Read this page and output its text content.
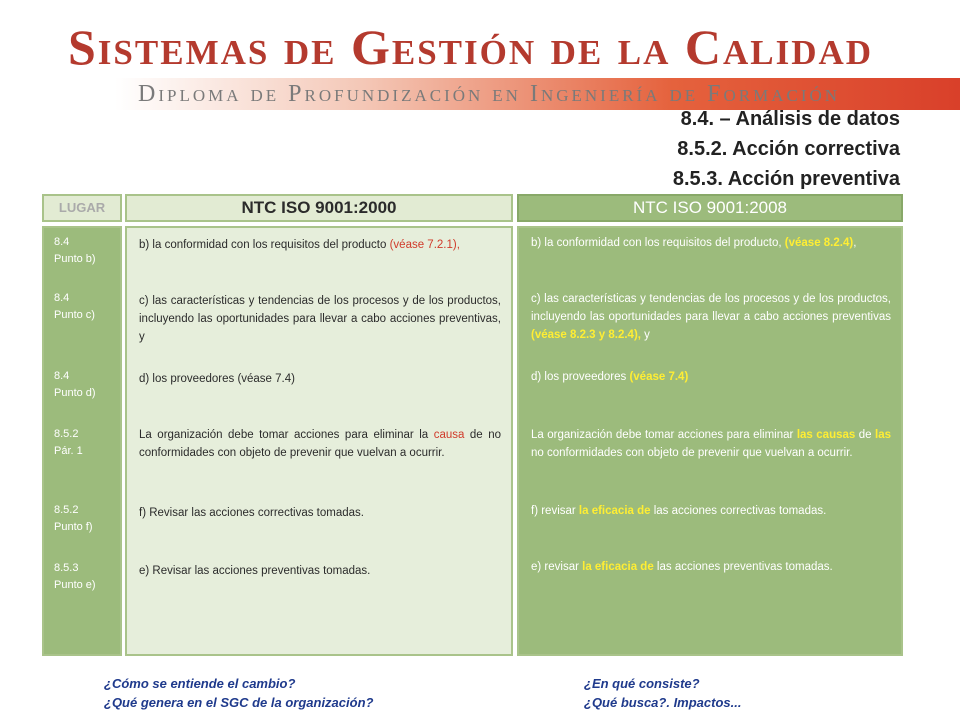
Sistemas de Gestión de la Calidad
Diploma de Profundización en Ingeniería de Formación
8.4. – Análisis de datos
8.5.2. Acción correctiva
8.5.3. Acción preventiva
LUGAR	NTC ISO 9001:2000	NTC ISO 9001:2008
8.4
Punto b)
8.4
Punto c)
8.4
Punto d)
8.5.2
Pár. 1
8.5.2
Punto f)
8.5.3
Punto e)
b) la conformidad con los requisitos del producto (véase 7.2.1),
c) las características y tendencias de los procesos y de los productos, incluyendo las oportunidades para llevar a cabo acciones preventivas, y
d) los proveedores (véase 7.4)
La organización debe tomar acciones para eliminar la causa de no conformidades con objeto de prevenir que vuelvan a ocurrir.
f) Revisar las acciones correctivas tomadas.
e) Revisar las acciones preventivas tomadas.
b) la conformidad con los requisitos del producto, (véase 8.2.4),
c) las características y tendencias de los procesos y de los productos, incluyendo las oportunidades para llevar a cabo acciones preventivas (véase 8.2.3 y 8.2.4), y
d) los proveedores (véase 7.4)
La organización debe tomar acciones para eliminar las causas de las no conformidades con objeto de prevenir que vuelvan a ocurrir.
f) revisar la eficacia de las acciones correctivas tomadas.
e) revisar la eficacia de las acciones preventivas tomadas.
¿Cómo se entiende el cambio?
¿Qué genera en el SGC de la organización?
¿En qué consiste?
¿Qué busca?. Impactos...
